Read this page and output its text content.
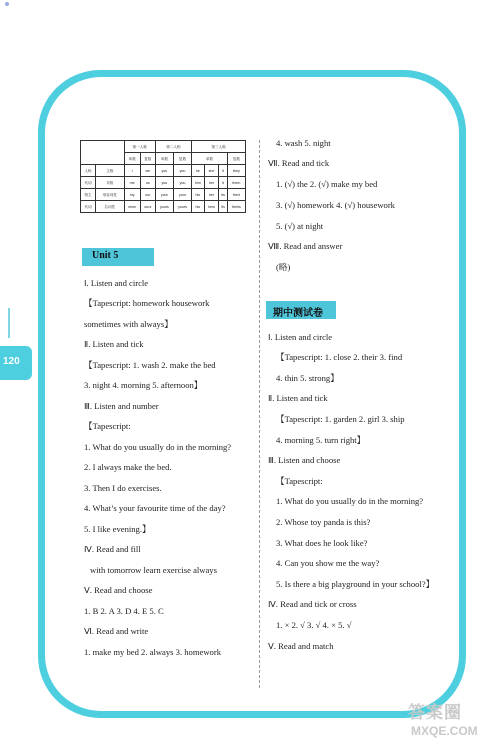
120
		第一人称		第二人称		第三人称			
		单数	复数	单数	复数	单数			复数
人称	主格	I	we	you	you	he	she	it	they
代词	宾格	me	us	you	you	him	her	it	them
物主	形容词性	my	our	your	your	his	her	its	their
代词	名词性	mine	ours	yours	yours	his	hers	its	theirs
Unit 5
Ⅰ. Listen and circle
【Tapescript: homework housework
sometimes with always】
Ⅱ. Listen and tick
【Tapescript: 1. wash 2. make the bed
3. night 4. morning 5. afternoon】
Ⅲ. Listen and number
【Tapescript:
1. What do you usually do in the morning?
2. I always make the bed.
3. Then I do exercises.
4. What’s your favourite time of the day?
5. I like evening.】
Ⅳ. Read and fill
with tomorrow learn exercise always
Ⅴ. Read and choose
1. B 2. A 3. D 4. E 5. C
Ⅵ. Read and write
1. make my bed 2. always 3. homework
期中测试卷
4. wash 5. night
Ⅶ. Read and tick
1. (√) the 2. (√) make my bed
3. (√) homework 4. (√) housework
5. (√) at night
Ⅷ. Read and answer
(略)
Ⅰ. Listen and circle
【Tapescript: 1. close 2. their 3. find
4. thin 5. strong】
Ⅱ. Listen and tick
【Tapescript: 1. garden 2. girl 3. ship
4. morning 5. turn right】
Ⅲ. Listen and choose
【Tapescript:
1. What do you usually do in the morning?
2. Whose toy panda is this?
3. What does he look like?
4. Can you show me the way?
5. Is there a big playground in your school?】
Ⅳ. Read and tick or cross
1. × 2. √ 3. √ 4. × 5. √
Ⅴ. Read and match
答案圈
MXQE.COM
